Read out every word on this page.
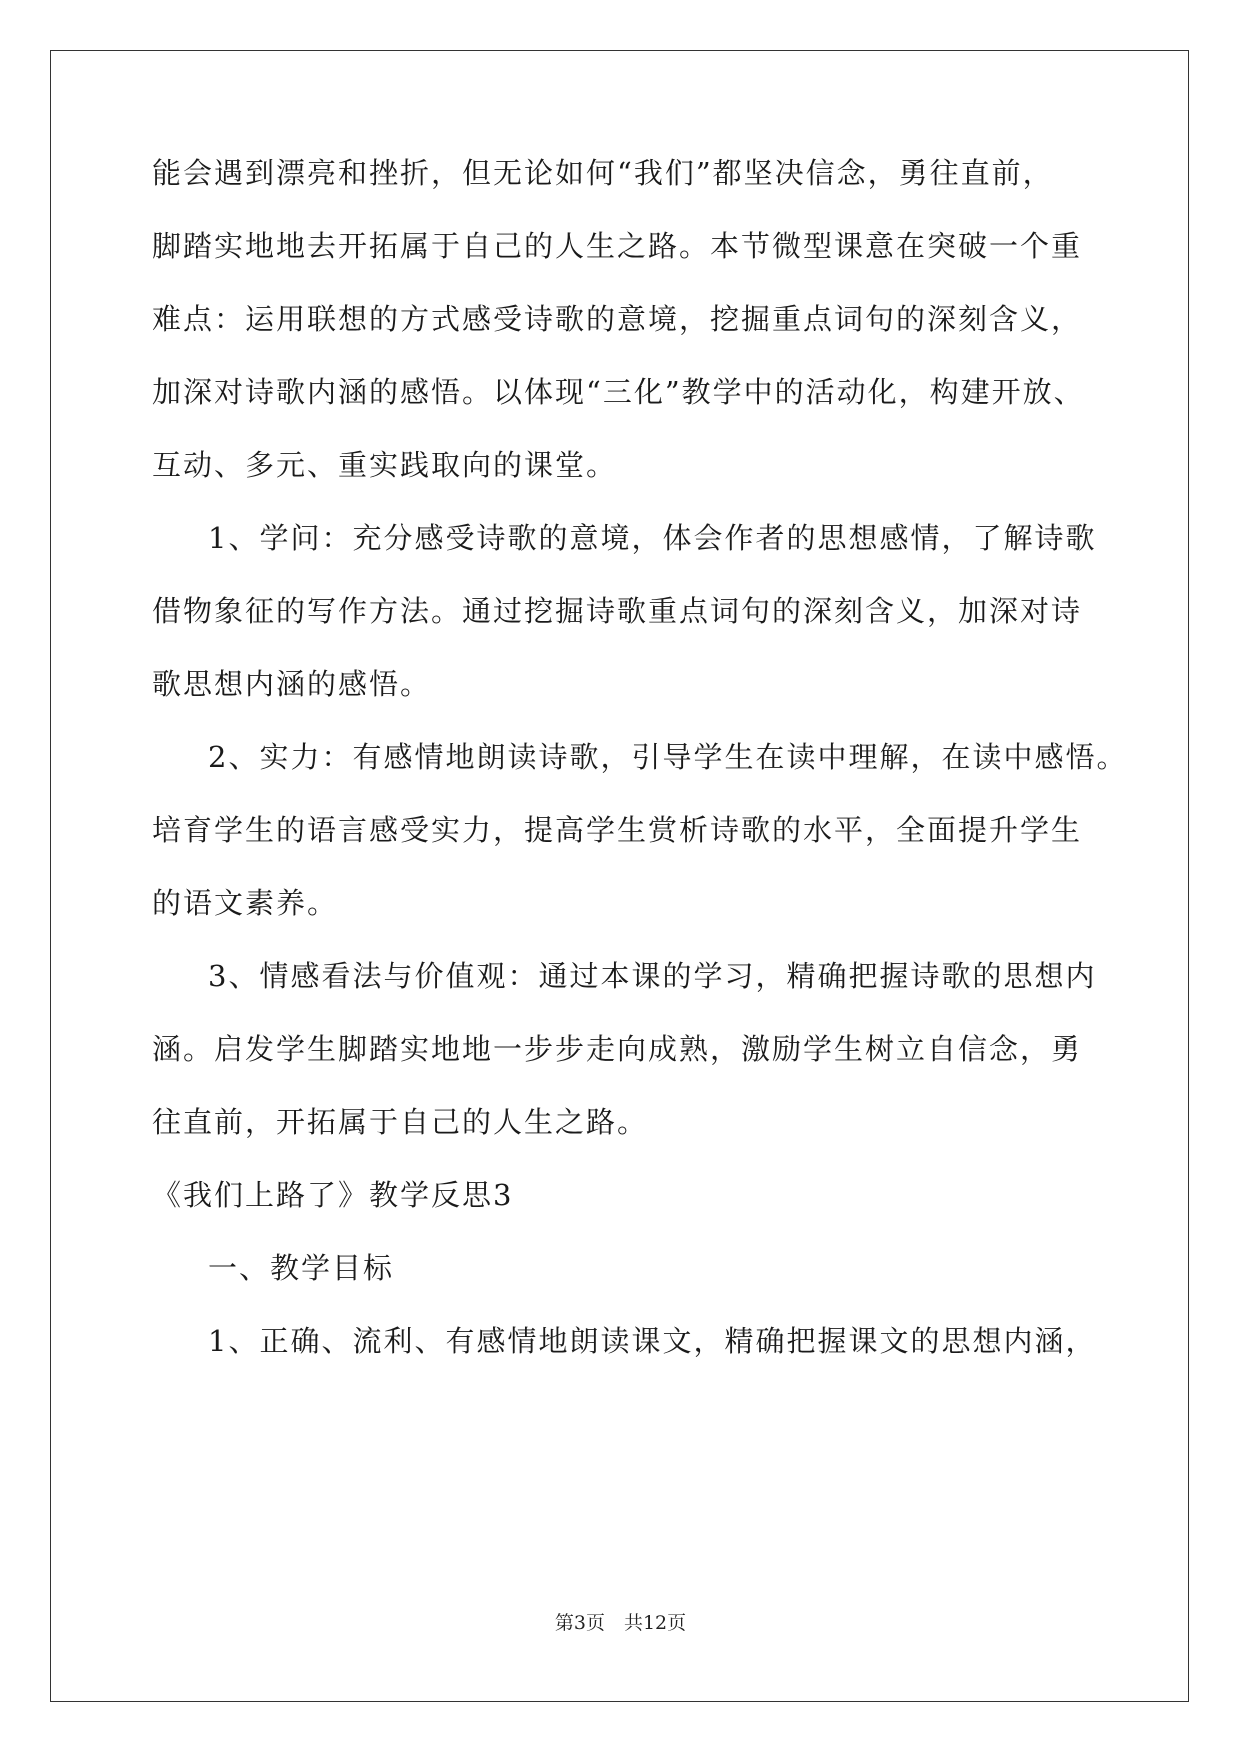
能会遇到漂亮和挫折，但无论如何“我们”都坚决信念，勇往直前，
脚踏实地地去开拓属于自己的人生之路。本节微型课意在突破一个重
难点：运用联想的方式感受诗歌的意境，挖掘重点词句的深刻含义，
加深对诗歌内涵的感悟。以体现“三化”教学中的活动化，构建开放、
互动、多元、重实践取向的课堂。
1、学问：充分感受诗歌的意境，体会作者的思想感情，了解诗歌
借物象征的写作方法。通过挖掘诗歌重点词句的深刻含义，加深对诗
歌思想内涵的感悟。
2、实力：有感情地朗读诗歌，引导学生在读中理解，在读中感悟。
培育学生的语言感受实力，提高学生赏析诗歌的水平，全面提升学生
的语文素养。
3、情感看法与价值观：通过本课的学习，精确把握诗歌的思想内
涵。启发学生脚踏实地地一步步走向成熟，激励学生树立自信念，勇
往直前，开拓属于自己的人生之路。
《我们上路了》教学反思3
一、教学目标
1、正确、流利、有感情地朗读课文，精确把握课文的思想内涵，
第3页　共12页
